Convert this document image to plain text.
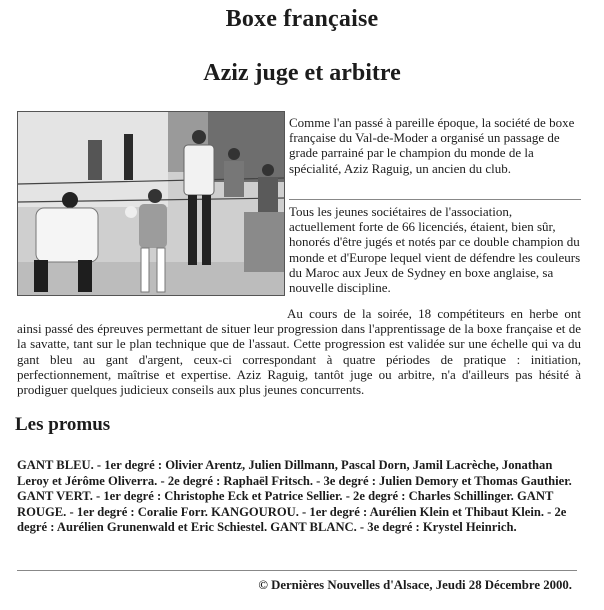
Boxe française
Aziz juge et arbitre
Comme l'an passé à pareille époque, la société de boxe française du Val-de-Moder a organisé un passage de grade parrainé par le champion du monde de la spécialité, Aziz Raguig, un ancien du club.
Tous les jeunes sociétaires de l'association, actuellement forte de 66 licenciés, étaient, bien sûr, honorés d'être jugés et notés par ce double champion du monde et d'Europe lequel vient de défendre les couleurs du Maroc aux Jeux de Sydney en boxe anglaise, sa nouvelle discipline.
Au cours de la soirée, 18 compétiteurs en herbe ont ainsi passé des épreuves permettant de situer leur progression dans l'apprentissage de la boxe française et de la savatte, tant sur le plan technique que de l'assaut. Cette progression est validée sur une échelle qui va du gant bleu au gant d'argent, ceux-ci correspondant à quatre périodes de pratique : initiation, perfectionnement, maîtrise et expertise. Aziz Raguig, tantôt juge ou arbitre, n'a d'ailleurs pas hésité à prodiguer quelques judicieux conseils aux plus jeunes concurrents.
Les promus
GANT BLEU. - 1er degré : Olivier Arentz, Julien Dillmann, Pascal Dorn, Jamil Lacrèche, Jonathan Leroy et Jérôme Oliverra. - 2e degré : Raphaël Fritsch. - 3e degré : Julien Demory et Thomas Gauthier. GANT VERT. - 1er degré : Christophe Eck et Patrice Sellier. - 2e degré : Charles Schillinger. GANT ROUGE. - 1er degré : Coralie Forr. KANGOUROU. - 1er degré : Aurélien Klein et Thibaut Klein. - 2e degré : Aurélien Grunenwald et Eric Schiestel. GANT BLANC. - 3e degré : Krystel Heinrich.
© Dernières Nouvelles d'Alsace, Jeudi 28 Décembre 2000.
